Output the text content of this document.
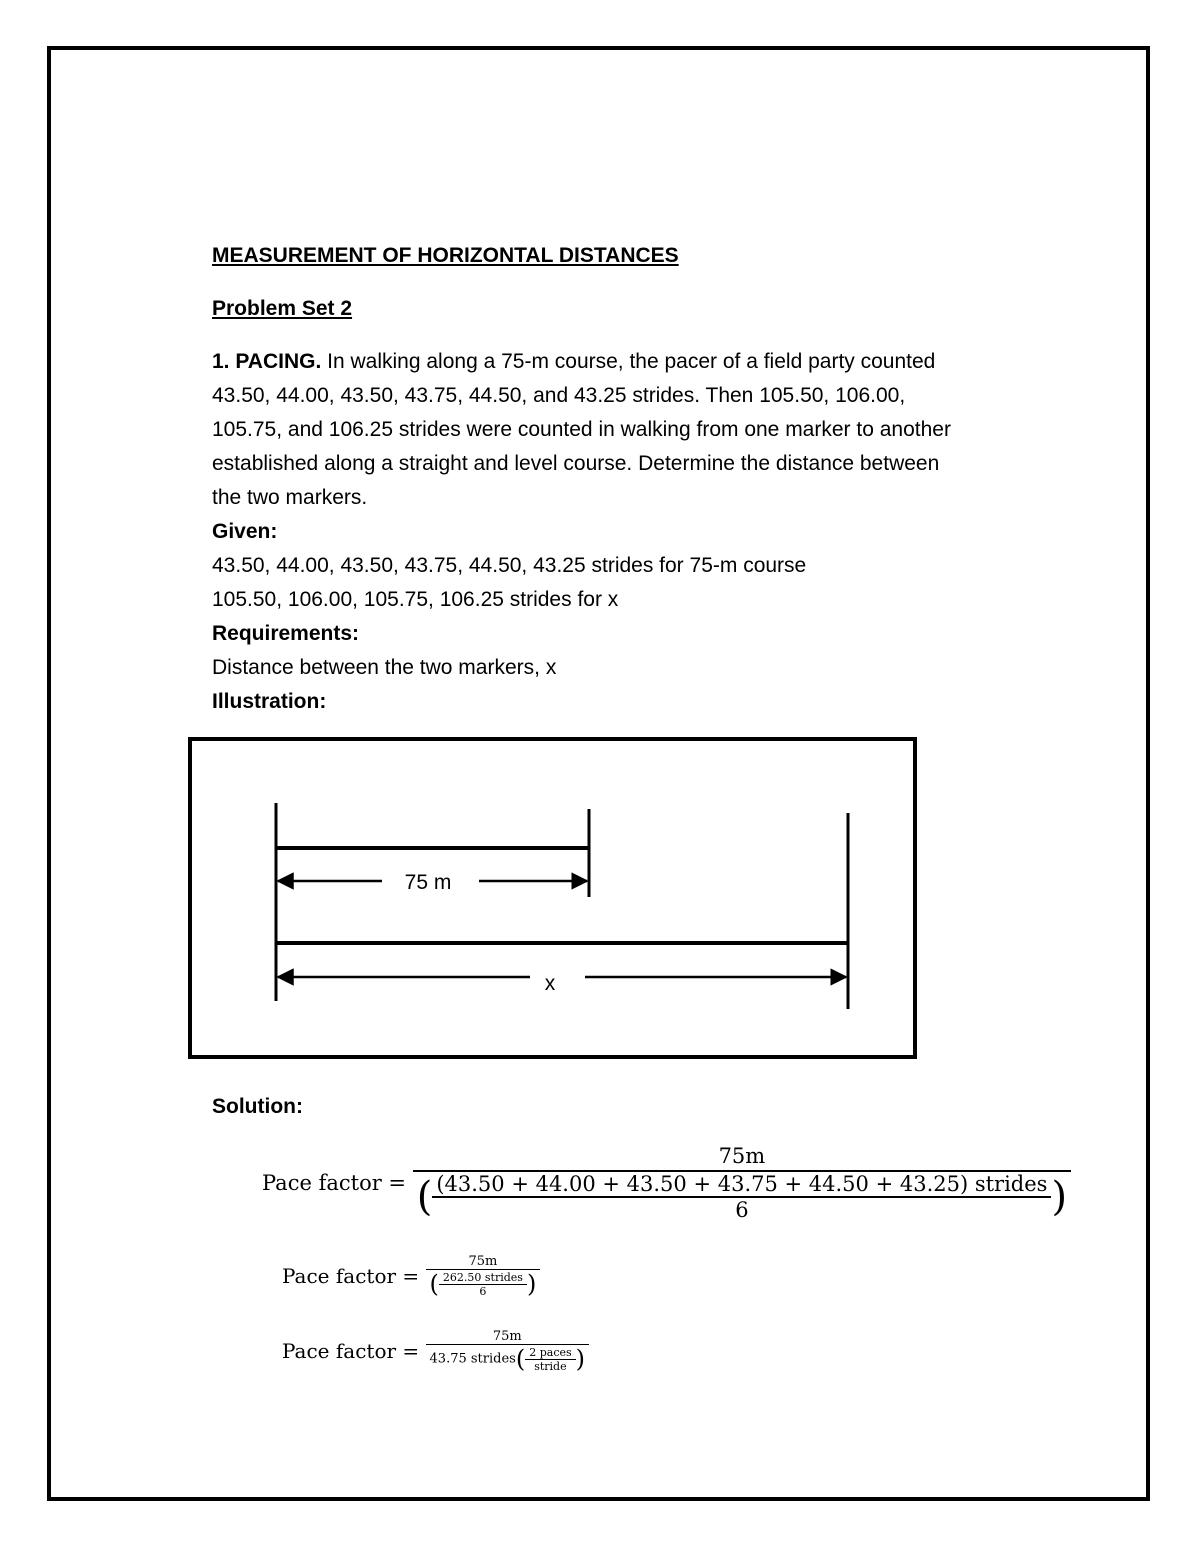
MEASUREMENT OF HORIZONTAL DISTANCES
Problem Set 2
1. PACING. In walking along a 75-m course, the pacer of a field party counted
43.50, 44.00, 43.50, 43.75, 44.50, and 43.25 strides. Then 105.50, 106.00,
105.75, and 106.25 strides were counted in walking from one marker to another
established along a straight and level course. Determine the distance between
the two markers.
Given:
43.50, 44.00, 43.50, 43.75, 44.50, 43.25 strides for 75-m course
105.50, 106.00, 105.75, 106.25 strides for x
Requirements:
Distance between the two markers, x
Illustration:
75 m
x
Solution:
Pace factor =
75m
( $\frac{\text{(43.50 + 44.00 + 43.50 + 43.75 + 44.50 + 43.25) strides}}{6}$ )
Pace factor = $\frac{75m}{( \frac{\text{262.50 strides}}{6} )}$
Pace factor =
75m
43.75 strides( $\frac{\text{2 paces}}{\text{stride}}$ )
